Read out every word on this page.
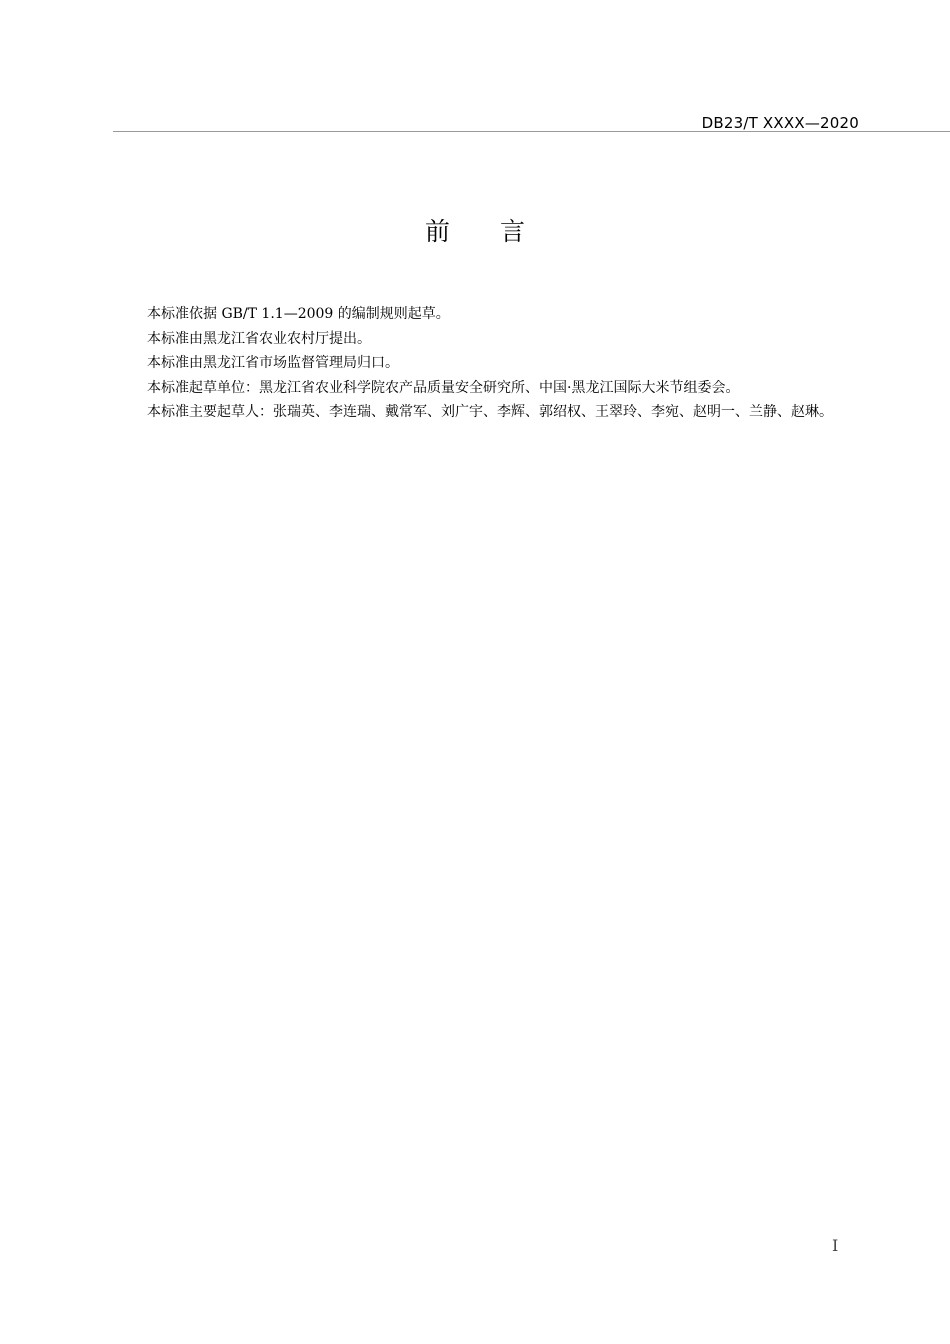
DB23/T XXXX—2020
前言

本标准依据 GB/T 1.1—2009 的编制规则起草。

本标准由黑龙江省农业农村厅提出。

本标准由黑龙江省市场监督管理局归口。

本标准起草单位：黑龙江省农业科学院农产品质量安全研究所、中国·黑龙江国际大米节组委会。

本标准主要起草人：张瑞英、李连瑞、戴常军、刘广宇、李辉、郭绍权、王翠玲、李宛、赵明一、兰静、赵琳。

I
